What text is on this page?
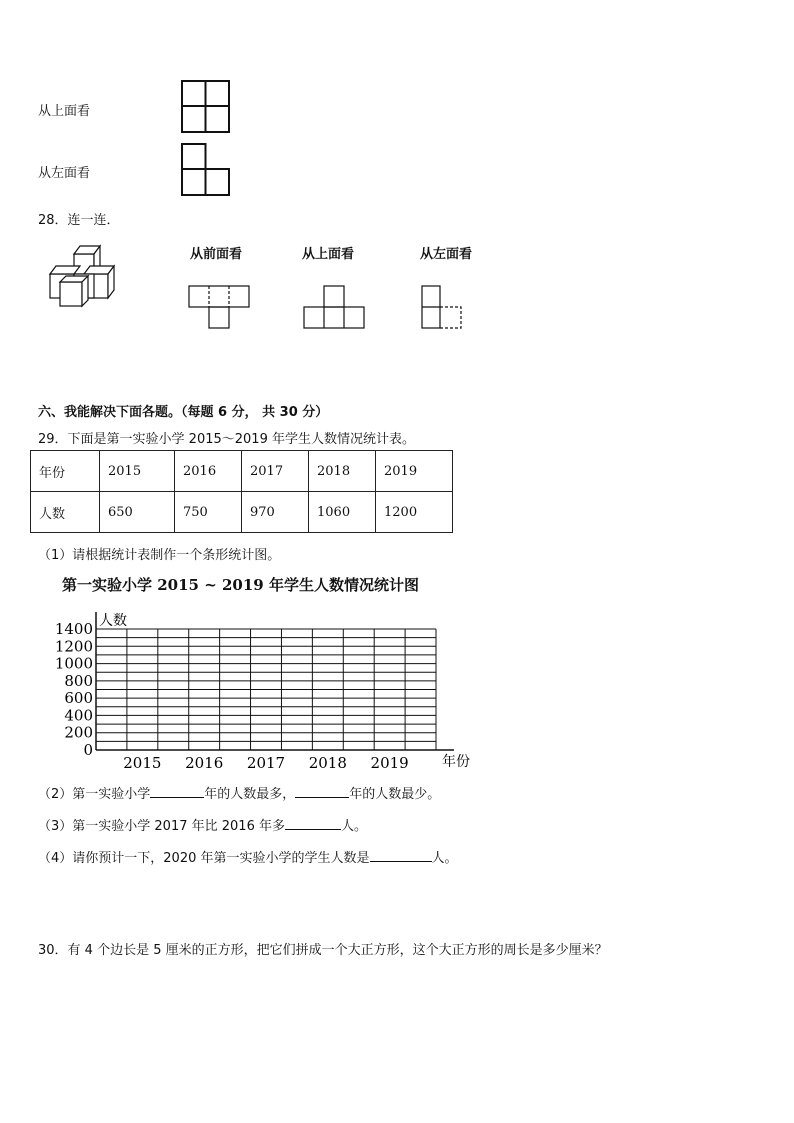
从上面看
从左面看
28．连一连．
从前面看	从上面看	从左面看
六、我能解决下面各题。（每题 6 分， 共 30 分）
29．下面是第一实验小学 2015～2019 年学生人数情况统计表。
年份	2015	2016	2017	2018	2019
人数	650	750	970	1060	1200
（1）请根据统计表制作一个条形统计图。
第一实验小学 2015 ~ 2019 年学生人数情况统计图
0
200
400
600
800
1000
1200
1400 人数
2015 2016 2017 2018 2019 年份
（2）第一实验小学	年的人数最多，	年的人数最少。
（3）第一实验小学 2017 年比 2016 年多	人。
（4）请你预计一下，2020 年第一实验小学的学生人数是	人。
30．有 4 个边长是 5 厘米的正方形，把它们拼成一个大正方形，这个大正方形的周长是多少厘米？
